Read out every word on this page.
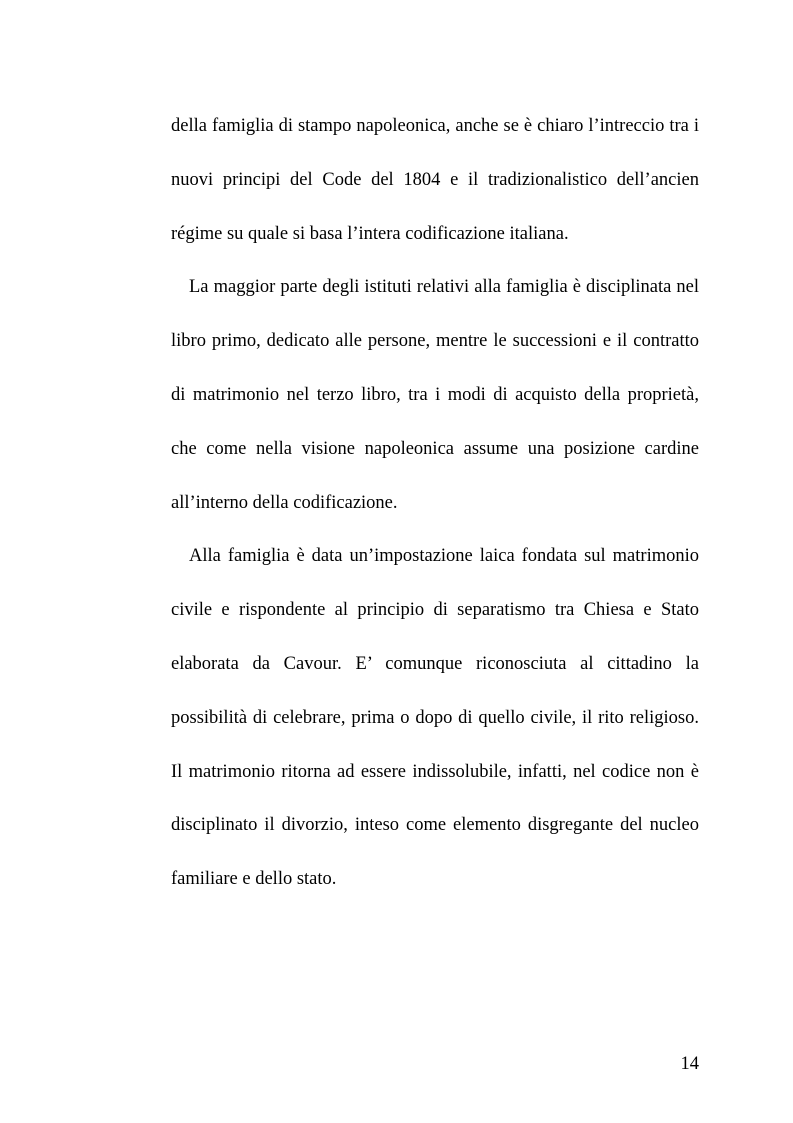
della famiglia di stampo napoleonica, anche se è chiaro l’intreccio tra i
nuovi principi del Code del 1804 e il tradizionalistico dell’ancien
régime su quale si basa l’intera codificazione italiana.
La maggior parte degli istituti relativi alla famiglia è disciplinata nel
libro primo, dedicato alle persone, mentre le successioni e il contratto
di matrimonio nel terzo libro, tra i modi di acquisto della proprietà,
che come nella visione napoleonica assume una posizione cardine
all’interno della codificazione.
Alla famiglia è data un’impostazione laica fondata sul matrimonio
civile e rispondente al principio di separatismo tra Chiesa e Stato
elaborata da Cavour. E’ comunque riconosciuta al cittadino la
possibilità di celebrare, prima o dopo di quello civile, il rito religioso.
Il matrimonio ritorna ad essere indissolubile, infatti, nel codice non è
disciplinato il divorzio, inteso come elemento disgregante del nucleo
familiare e dello stato.
14
